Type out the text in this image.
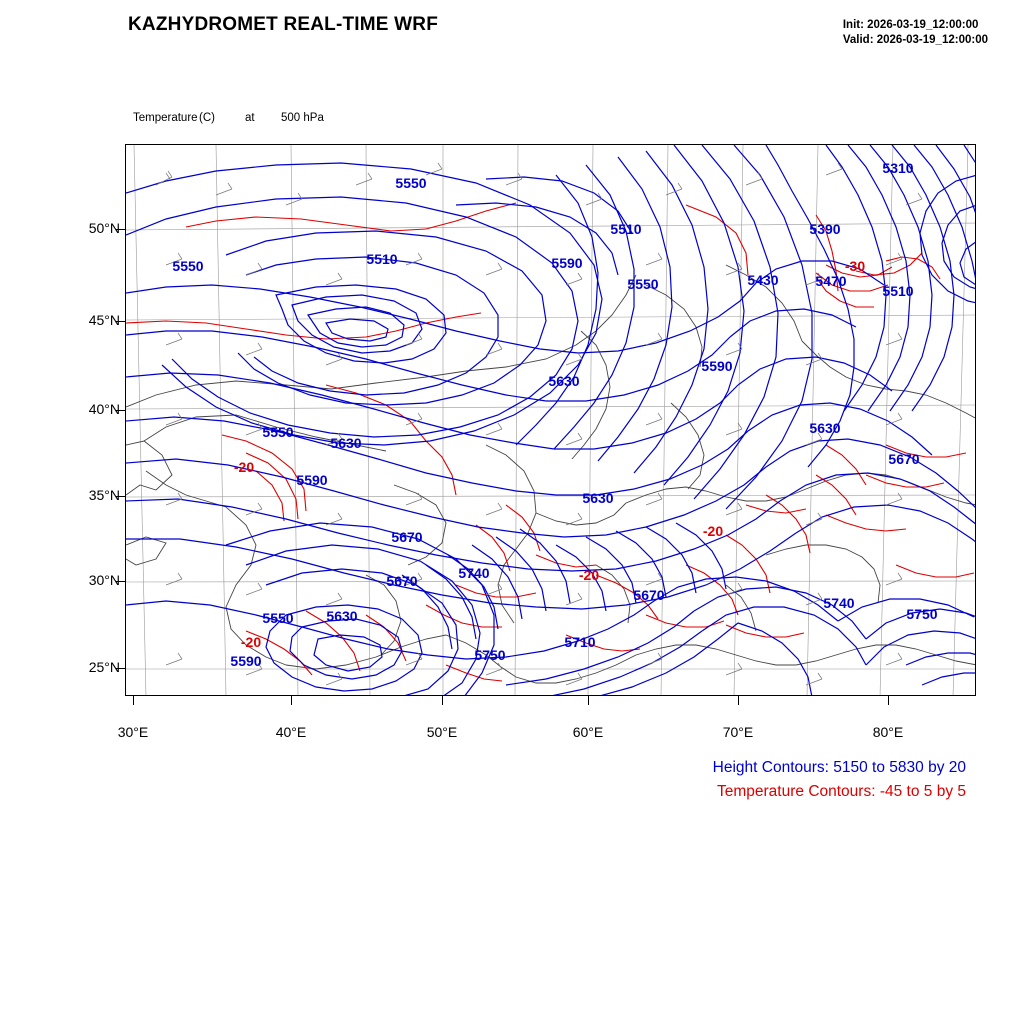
KAZHYDROMET REAL-TIME WRF	Init: 2026-03-19_12:00:00
Valid: 2026-03-19_12:00:00

Temperature(C)	at 500 hPa

50°N
45°N
40°N
35°N
30°N
25°N
30°E	40°E	50°E	60°E	70°E	80°E
5550
5550
5510	5590
5510
5550
5310
5390
5430	5470
5510
5590
5630
5630
5670
5550
5630
5590
5630
5670
5670	5740
5670	5740
5750
5550 5630
5710
5750
5590
-20
-30
-20
-20
-20
Height Contours: 5150 to 5830 by 20
Temperature Contours: -45 to 5 by 5
